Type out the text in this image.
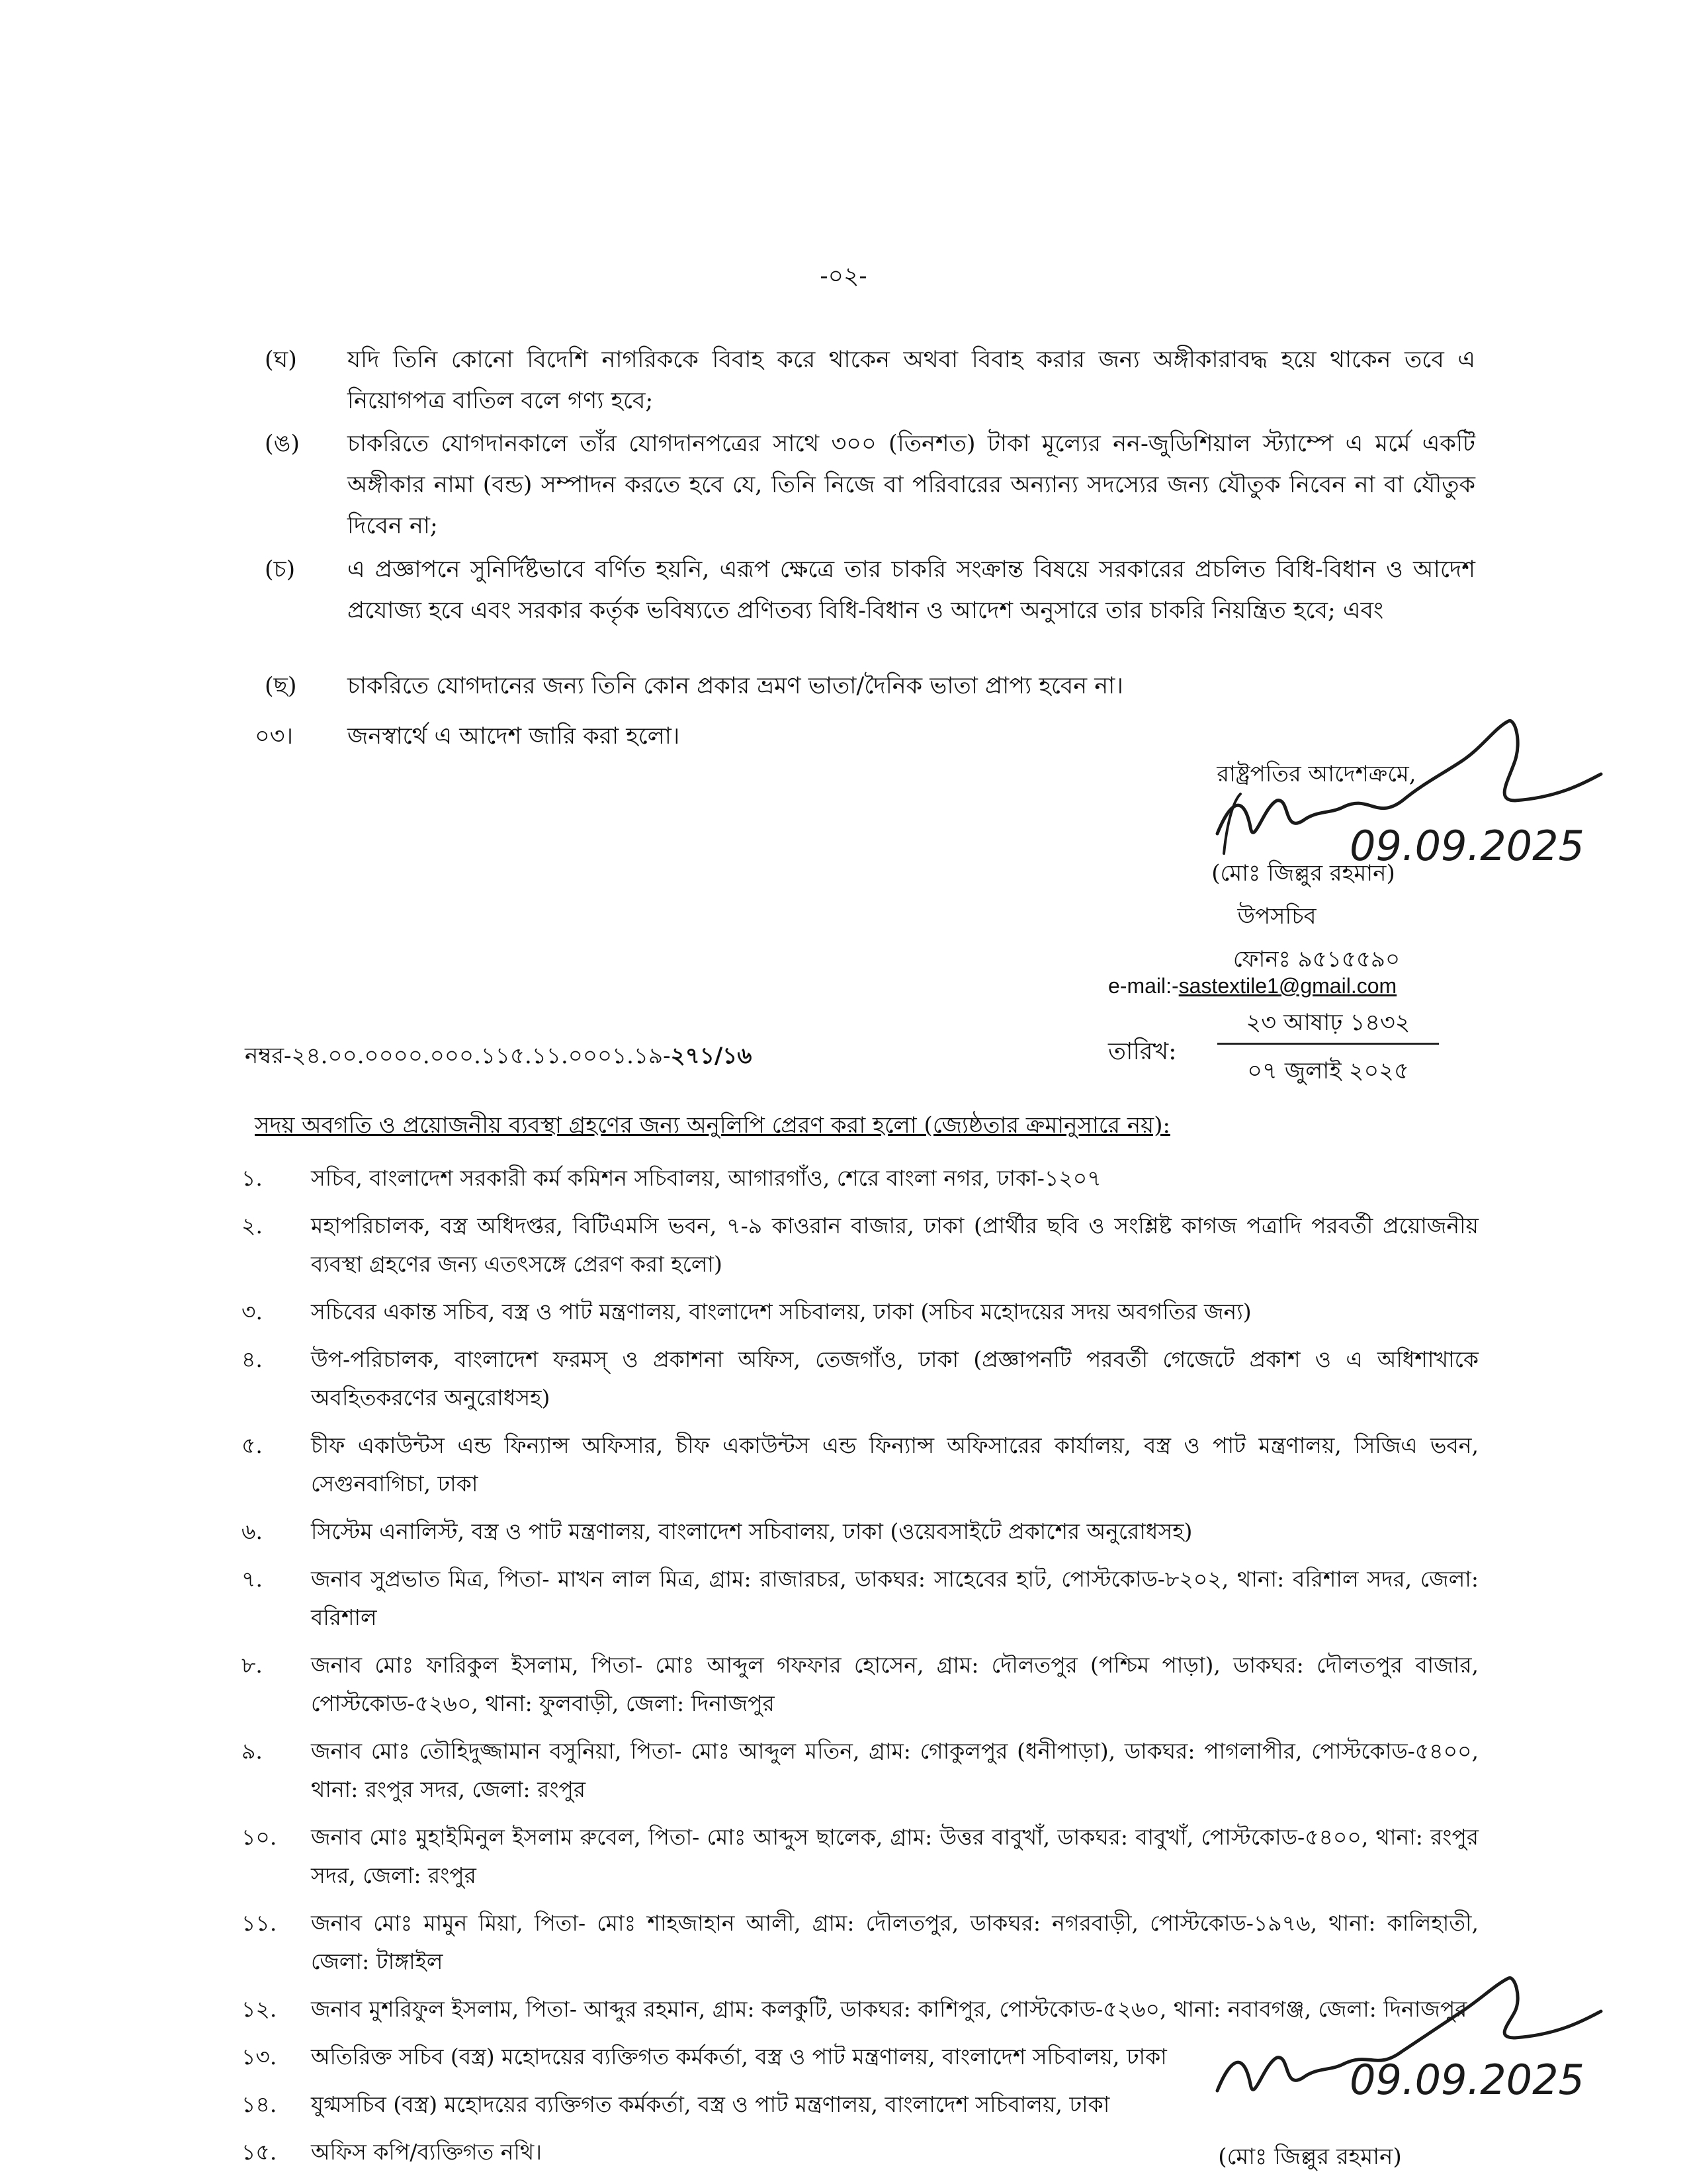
-০২-
(ঘ)	যদি তিনি কোনো বিদেশি নাগরিককে বিবাহ করে থাকেন অথবা বিবাহ করার জন্য অঙ্গীকারাবদ্ধ হয়ে থাকেন তবে এ নিয়োগপত্র বাতিল বলে গণ্য হবে;
(ঙ)	চাকরিতে যোগদানকালে তাঁর যোগদানপত্রের সাথে ৩০০ (তিনশত) টাকা মূল্যের নন-জুডিশিয়াল স্ট্যাম্পে এ মর্মে একটি অঙ্গীকার নামা (বন্ড) সম্পাদন করতে হবে যে, তিনি নিজে বা পরিবারের অন্যান্য সদস্যের জন্য যৌতুক নিবেন না বা যৌতুক দিবেন না;
(চ)	এ প্রজ্ঞাপনে সুনির্দিষ্টভাবে বর্ণিত হয়নি, এরূপ ক্ষেত্রে তার চাকরি সংক্রান্ত বিষয়ে সরকারের প্রচলিত বিধি-বিধান ও আদেশ প্রযোজ্য হবে এবং সরকার কর্তৃক ভবিষ্যতে প্রণিতব্য বিধি-বিধান ও আদেশ অনুসারে তার চাকরি নিয়ন্ত্রিত হবে; এবং
(ছ)	চাকরিতে যোগদানের জন্য তিনি কোন প্রকার ভ্রমণ ভাতা/দৈনিক ভাতা প্রাপ্য হবেন না।
০৩। জনস্বার্থে এ আদেশ জারি করা হলো।
রাষ্ট্রপতির আদেশক্রমে,
09.09.2025
(মোঃ জিল্লুর রহমান)
উপসচিব
ফোনঃ ৯৫১৫৫৯০
e-mail:-sastextile1@gmail.com
নম্বর-২৪.০০.০০০০.০০০.১১৫.১১.০০০১.১৯-২৭১/১৬	তারিখ:
২৩ আষাঢ় ১৪৩২
০৭ জুলাই ২০২৫
সদয় অবগতি ও প্রয়োজনীয় ব্যবস্থা গ্রহণের জন্য অনুলিপি প্রেরণ করা হলো (জ্যেষ্ঠতার ক্রমানুসারে নয়):
১.	সচিব, বাংলাদেশ সরকারী কর্ম কমিশন সচিবালয়, আগারগাঁও, শেরে বাংলা নগর, ঢাকা-১২০৭
২.	মহাপরিচালক, বস্ত্র অধিদপ্তর, বিটিএমসি ভবন, ৭-৯ কাওরান বাজার, ঢাকা (প্রার্থীর ছবি ও সংশ্লিষ্ট কাগজ পত্রাদি পরবর্তী প্রয়োজনীয় ব্যবস্থা গ্রহণের জন্য এতৎসঙ্গে প্রেরণ করা হলো)
৩.	সচিবের একান্ত সচিব, বস্ত্র ও পাট মন্ত্রণালয়, বাংলাদেশ সচিবালয়, ঢাকা (সচিব মহোদয়ের সদয় অবগতির জন্য)
৪.	উপ-পরিচালক, বাংলাদেশ ফরমস্ ও প্রকাশনা অফিস, তেজগাঁও, ঢাকা (প্রজ্ঞাপনটি পরবর্তী গেজেটে প্রকাশ ও এ অধিশাখাকে অবহিতকরণের অনুরোধসহ)
৫.	চীফ একাউন্টস এন্ড ফিন্যান্স অফিসার, চীফ একাউন্টস এন্ড ফিন্যান্স অফিসারের কার্যালয়, বস্ত্র ও পাট মন্ত্রণালয়, সিজিএ ভবন, সেগুনবাগিচা, ঢাকা
৬.	সিস্টেম এনালিস্ট, বস্ত্র ও পাট মন্ত্রণালয়, বাংলাদেশ সচিবালয়, ঢাকা (ওয়েবসাইটে প্রকাশের অনুরোধসহ)
৭.	জনাব সুপ্রভাত মিত্র, পিতা- মাখন লাল মিত্র, গ্রাম: রাজারচর, ডাকঘর: সাহেবের হাট, পোস্টকোড-৮২০২, থানা: বরিশাল সদর, জেলা: বরিশাল
৮.	জনাব মোঃ ফারিকুল ইসলাম, পিতা- মোঃ আব্দুল গফফার হোসেন, গ্রাম: দৌলতপুর (পশ্চিম পাড়া), ডাকঘর: দৌলতপুর বাজার, পোস্টকোড-৫২৬০, থানা: ফুলবাড়ী, জেলা: দিনাজপুর
৯.	জনাব মোঃ তৌহিদুজ্জামান বসুনিয়া, পিতা- মোঃ আব্দুল মতিন, গ্রাম: গোকুলপুর (ধনীপাড়া), ডাকঘর: পাগলাপীর, পোস্টকোড-৫৪০০, থানা: রংপুর সদর, জেলা: রংপুর
১০.	জনাব মোঃ মুহাইমিনুল ইসলাম রুবেল, পিতা- মোঃ আব্দুস ছালেক, গ্রাম: উত্তর বাবুখাঁ, ডাকঘর: বাবুখাঁ, পোস্টকোড-৫৪০০, থানা: রংপুর সদর, জেলা: রংপুর
১১.	জনাব মোঃ মামুন মিয়া, পিতা- মোঃ শাহজাহান আলী, গ্রাম: দৌলতপুর, ডাকঘর: নগরবাড়ী, পোস্টকোড-১৯৭৬, থানা: কালিহাতী, জেলা: টাঙ্গাইল
১২.	জনাব মুশরিফুল ইসলাম, পিতা- আব্দুর রহমান, গ্রাম: কলকুটি, ডাকঘর: কাশিপুর, পোস্টকোড-৫২৬০, থানা: নবাবগঞ্জ, জেলা: দিনাজপুর
১৩.	অতিরিক্ত সচিব (বস্ত্র) মহোদয়ের ব্যক্তিগত কর্মকর্তা, বস্ত্র ও পাট মন্ত্রণালয়, বাংলাদেশ সচিবালয়, ঢাকা
১৪.	যুগ্মসচিব (বস্ত্র) মহোদয়ের ব্যক্তিগত কর্মকর্তা, বস্ত্র ও পাট মন্ত্রণালয়, বাংলাদেশ সচিবালয়, ঢাকা
১৫.	অফিস কপি/ব্যক্তিগত নথি।
09.09.2025
(মোঃ জিল্লুর রহমান)
